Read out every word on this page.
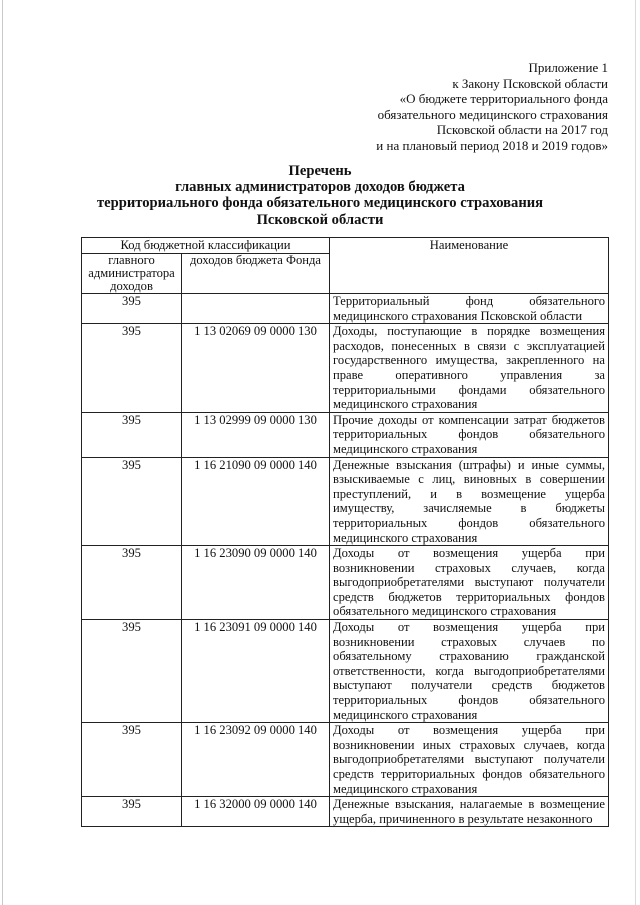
Приложение 1
к Закону Псковской области
«О бюджете территориального фонда
обязательного медицинского страхования
Псковской области на 2017 год
и на плановый период 2018 и 2019 годов»
Перечень
главных администраторов доходов бюджета
территориального фонда обязательного медицинского страхования
Псковской области
Код бюджетной классификации		Наименование
главного администратора доходов	доходов бюджета Фонда	
395		Территориальный фонд обязательного медицинского страхования Псковской области
395	1 13 02069 09 0000 130	Доходы, поступающие в порядке возмещения расходов, понесенных в связи с эксплуатацией государственного имущества, закрепленного на праве оперативного управления за территориальными фондами обязательного медицинского страхования
395	1 13 02999 09 0000 130	Прочие доходы от компенсации затрат бюджетов территориальных фондов обязательного медицинского страхования
395	1 16 21090 09 0000 140	Денежные взыскания (штрафы) и иные суммы, взыскиваемые с лиц, виновных в совершении преступлений, и в возмещение ущерба имуществу, зачисляемые в бюджеты территориальных фондов обязательного медицинского страхования
395	1 16 23090 09 0000 140	Доходы от возмещения ущерба при возникновении страховых случаев, когда выгодоприобретателями выступают получатели средств бюджетов территориальных фондов обязательного медицинского страхования
395	1 16 23091 09 0000 140	Доходы от возмещения ущерба при возникновении страховых случаев по обязательному страхованию гражданской ответственности, когда выгодоприобретателями выступают получатели средств бюджетов территориальных фондов обязательного медицинского страхования
395	1 16 23092 09 0000 140	Доходы от возмещения ущерба при возникновении иных страховых случаев, когда выгодоприобретателями выступают получатели средств территориальных фондов обязательного медицинского страхования
395	1 16 32000 09 0000 140	Денежные взыскания, налагаемые в возмещение ущерба, причиненного в результате незаконного
